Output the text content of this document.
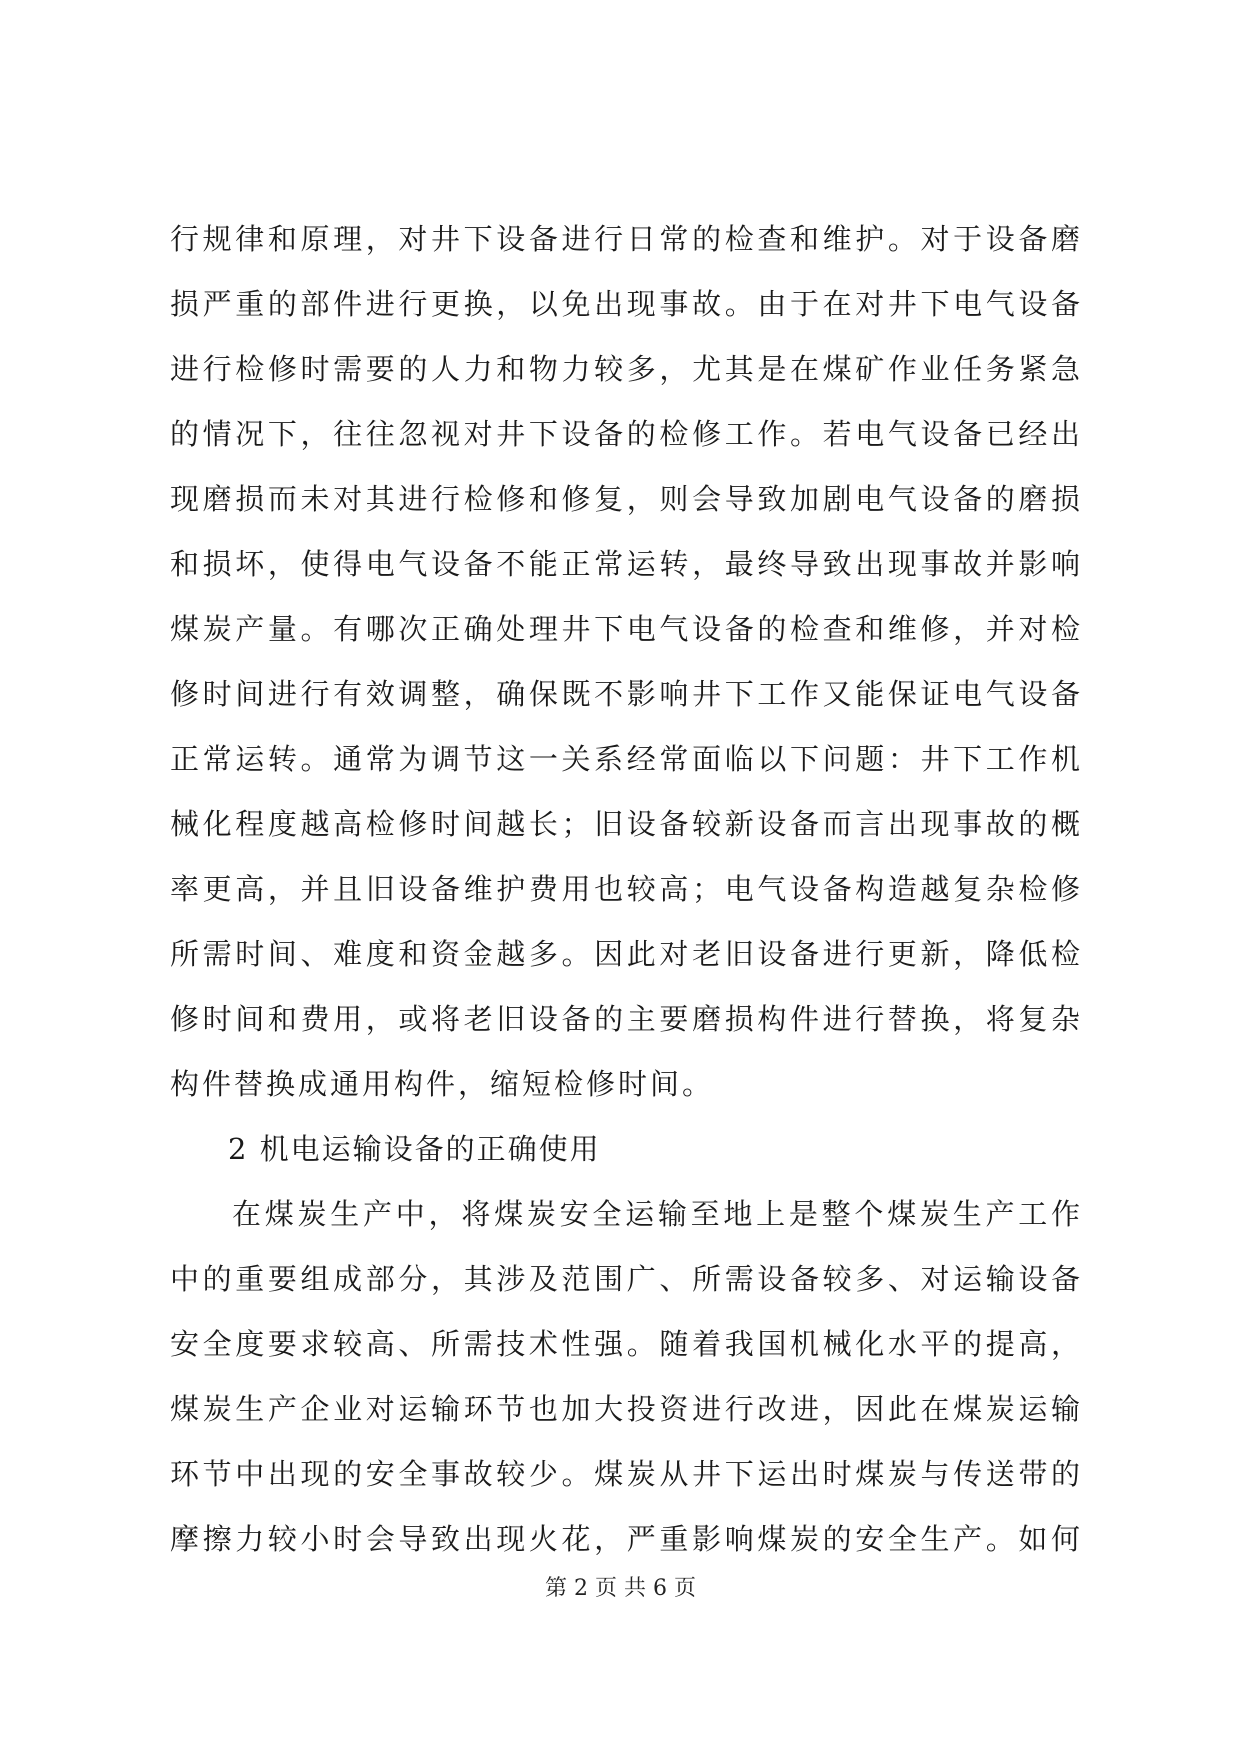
行规律和原理，对井下设备进行日常的检查和维护。对于设备磨
损严重的部件进行更换，以免出现事故。由于在对井下电气设备
进行检修时需要的人力和物力较多，尤其是在煤矿作业任务紧急
的情况下，往往忽视对井下设备的检修工作。若电气设备已经出
现磨损而未对其进行检修和修复，则会导致加剧电气设备的磨损
和损坏，使得电气设备不能正常运转，最终导致出现事故并影响
煤炭产量。有哪次正确处理井下电气设备的检查和维修，并对检
修时间进行有效调整，确保既不影响井下工作又能保证电气设备
正常运转。通常为调节这一关系经常面临以下问题：井下工作机
械化程度越高检修时间越长；旧设备较新设备而言出现事故的概
率更高，并且旧设备维护费用也较高；电气设备构造越复杂检修
所需时间、难度和资金越多。因此对老旧设备进行更新，降低检
修时间和费用，或将老旧设备的主要磨损构件进行替换，将复杂
构件替换成通用构件，缩短检修时间。
2 机电运输设备的正确使用
在煤炭生产中，将煤炭安全运输至地上是整个煤炭生产工作
中的重要组成部分，其涉及范围广、所需设备较多、对运输设备
安全度要求较高、所需技术性强。随着我国机械化水平的提高，
煤炭生产企业对运输环节也加大投资进行改进，因此在煤炭运输
环节中出现的安全事故较少。煤炭从井下运出时煤炭与传送带的
摩擦力较小时会导致出现火花，严重影响煤炭的安全生产。如何
第 2 页 共 6 页
